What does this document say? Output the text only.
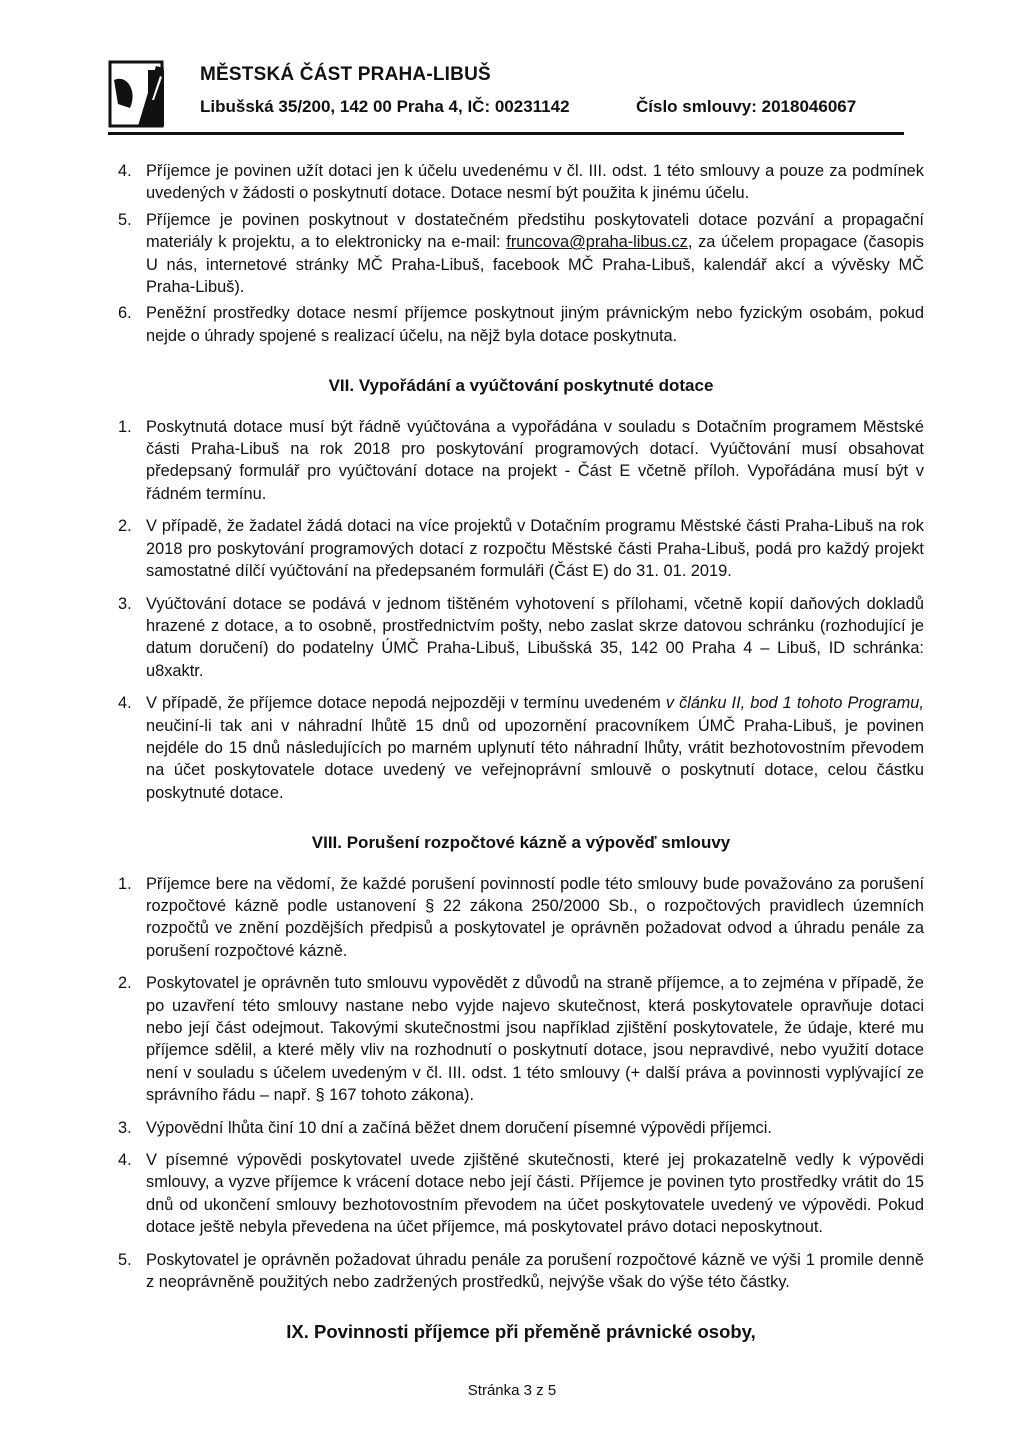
MĚSTSKÁ ČÁST PRAHA-LIBUŠ
Libušská 35/200, 142 00 Praha 4, IČ: 00231142	Číslo smlouvy: 2018046067
4. Příjemce je povinen užít dotaci jen k účelu uvedenému v čl. III. odst. 1 této smlouvy a pouze za podmínek uvedených v žádosti o poskytnutí dotace. Dotace nesmí být použita k jinému účelu.
5. Příjemce je povinen poskytnout v dostatečném předstihu poskytovateli dotace pozvání a propagační materiály k projektu, a to elektronicky na e-mail: fruncova@praha-libus.cz, za účelem propagace (časopis U nás, internetové stránky MČ Praha-Libuš, facebook MČ Praha-Libuš, kalendář akcí a vývěsky MČ Praha-Libuš).
6. Peněžní prostředky dotace nesmí příjemce poskytnout jiným právnickým nebo fyzickým osobám, pokud nejde o úhrady spojené s realizací účelu, na nějž byla dotace poskytnuta.
VII. Vypořádání a vyúčtování poskytnuté dotace
1. Poskytnutá dotace musí být řádně vyúčtována a vypořádána v souladu s Dotačním programem Městské části Praha-Libuš na rok 2018 pro poskytování programových dotací. Vyúčtování musí obsahovat předepsaný formulář pro vyúčtování dotace na projekt - Část E včetně příloh. Vypořádána musí být v řádném termínu.
2. V případě, že žadatel žádá dotaci na více projektů v Dotačním programu Městské části Praha-Libuš na rok 2018 pro poskytování programových dotací z rozpočtu Městské části Praha-Libuš, podá pro každý projekt samostatné dílčí vyúčtování na předepsaném formuláři (Část E) do 31. 01. 2019.
3. Vyúčtování dotace se podává v jednom tištěném vyhotovení s přílohami, včetně kopií daňových dokladů hrazené z dotace, a to osobně, prostřednictvím pošty, nebo zaslat skrze datovou schránku (rozhodující je datum doručení) do podatelny ÚMČ Praha-Libuš, Libušská 35, 142 00 Praha 4 – Libuš, ID schránka: u8xaktr.
4. V případě, že příjemce dotace nepodá nejpozději v termínu uvedeném v článku II, bod 1 tohoto Programu, neučiní-li tak ani v náhradní lhůtě 15 dnů od upozornění pracovníkem ÚMČ Praha-Libuš, je povinen nejdéle do 15 dnů následujících po marném uplynutí této náhradní lhůty, vrátit bezhotovostním převodem na účet poskytovatele dotace uvedený ve veřejnoprávní smlouvě o poskytnutí dotace, celou částku poskytnuté dotace.
VIII. Porušení rozpočtové kázně a výpověď smlouvy
1. Příjemce bere na vědomí, že každé porušení povinností podle této smlouvy bude považováno za porušení rozpočtové kázně podle ustanovení § 22 zákona 250/2000 Sb., o rozpočtových pravidlech územních rozpočtů ve znění pozdějších předpisů a poskytovatel je oprávněn požadovat odvod a úhradu penále za porušení rozpočtové kázně.
2. Poskytovatel je oprávněn tuto smlouvu vypovědět z důvodů na straně příjemce, a to zejména v případě, že po uzavření této smlouvy nastane nebo vyjde najevo skutečnost, která poskytovatele opravňuje dotaci nebo její část odejmout. Takovými skutečnostmi jsou například zjištění poskytovatele, že údaje, které mu příjemce sdělil, a které měly vliv na rozhodnutí o poskytnutí dotace, jsou nepravdivé, nebo využití dotace není v souladu s účelem uvedeným v čl. III. odst. 1 této smlouvy (+ další práva a povinnosti vyplývající ze správního řádu – např. § 167 tohoto zákona).
3. Výpovědní lhůta činí 10 dní a začíná běžet dnem doručení písemné výpovědi příjemci.
4. V písemné výpovědi poskytovatel uvede zjištěné skutečnosti, které jej prokazatelně vedly k výpovědi smlouvy, a vyzve příjemce k vrácení dotace nebo její části. Příjemce je povinen tyto prostředky vrátit do 15 dnů od ukončení smlouvy bezhotovostním převodem na účet poskytovatele uvedený ve výpovědi. Pokud dotace ještě nebyla převedena na účet příjemce, má poskytovatel právo dotaci neposkytnout.
5. Poskytovatel je oprávněn požadovat úhradu penále za porušení rozpočtové kázně ve výši 1 promile denně z neoprávněně použitých nebo zadržených prostředků, nejvýše však do výše této částky.
IX. Povinnosti příjemce při přeměně právnické osoby,
Stránka 3 z 5
